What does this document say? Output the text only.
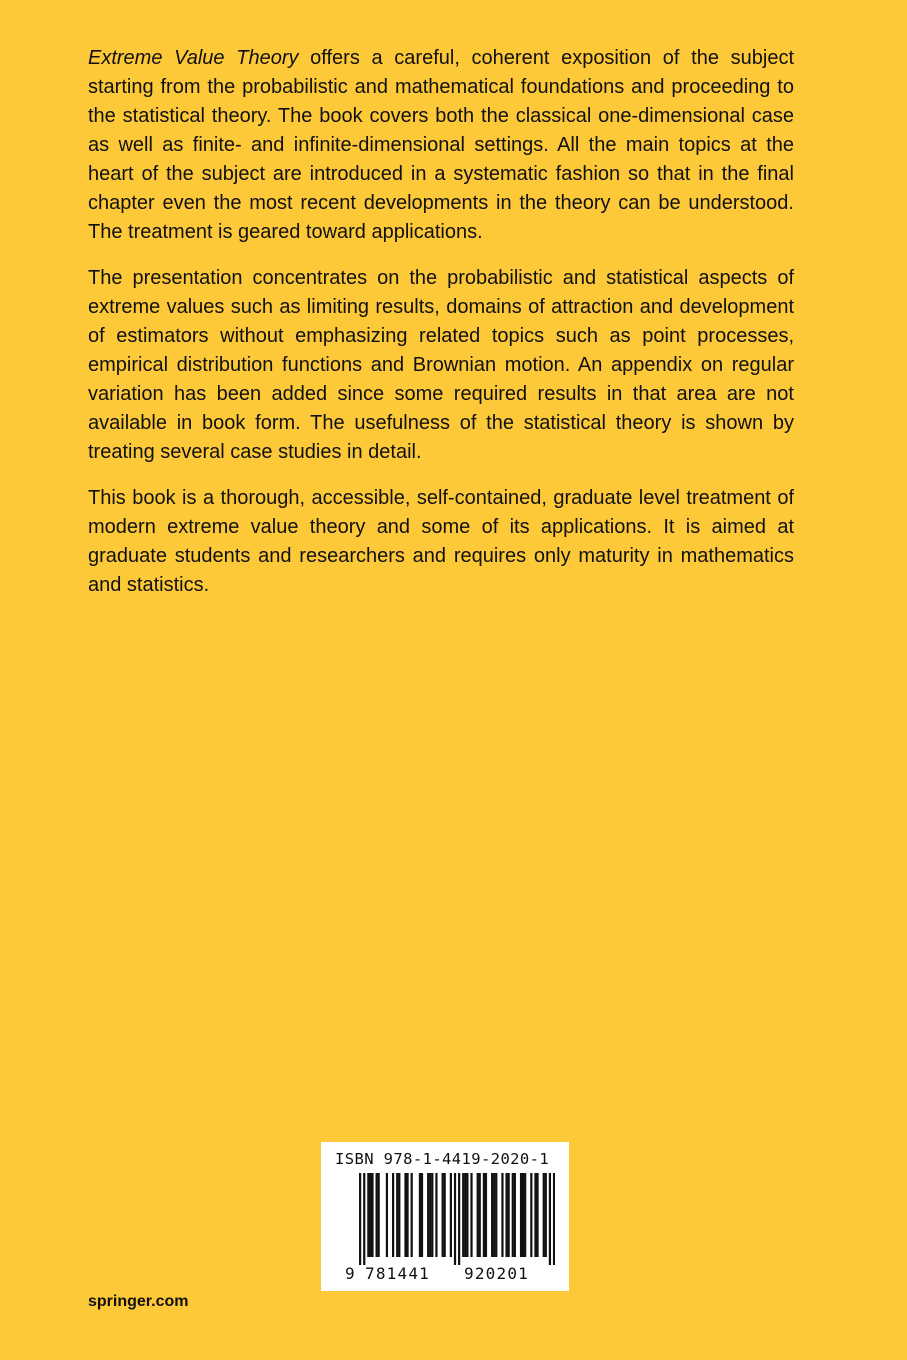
Extreme Value Theory offers a careful, coherent exposition of the subject starting from the probabilistic and mathematical foundations and proceeding to the statistical theory. The book covers both the classical one-dimensional case as well as finite- and infinite-dimensional settings. All the main topics at the heart of the subject are introduced in a systematic fashion so that in the final chapter even the most recent developments in the theory can be understood. The treatment is geared toward applications.

The presentation concentrates on the probabilistic and statistical aspects of extreme values such as limiting results, domains of attraction and development of estimators without emphasizing related topics such as point processes, empirical distribution functions and Brownian motion. An appendix on regular variation has been added since some required results in that area are not available in book form. The usefulness of the statistical theory is shown by treating several case studies in detail.

This book is a thorough, accessible, self-contained, graduate level treatment of modern extreme value theory and some of its applications. It is aimed at graduate students and researchers and requires only maturity in mathematics and statistics.

ISBN 978-1-4419-2020-1
9 781441 920201
springer.com
